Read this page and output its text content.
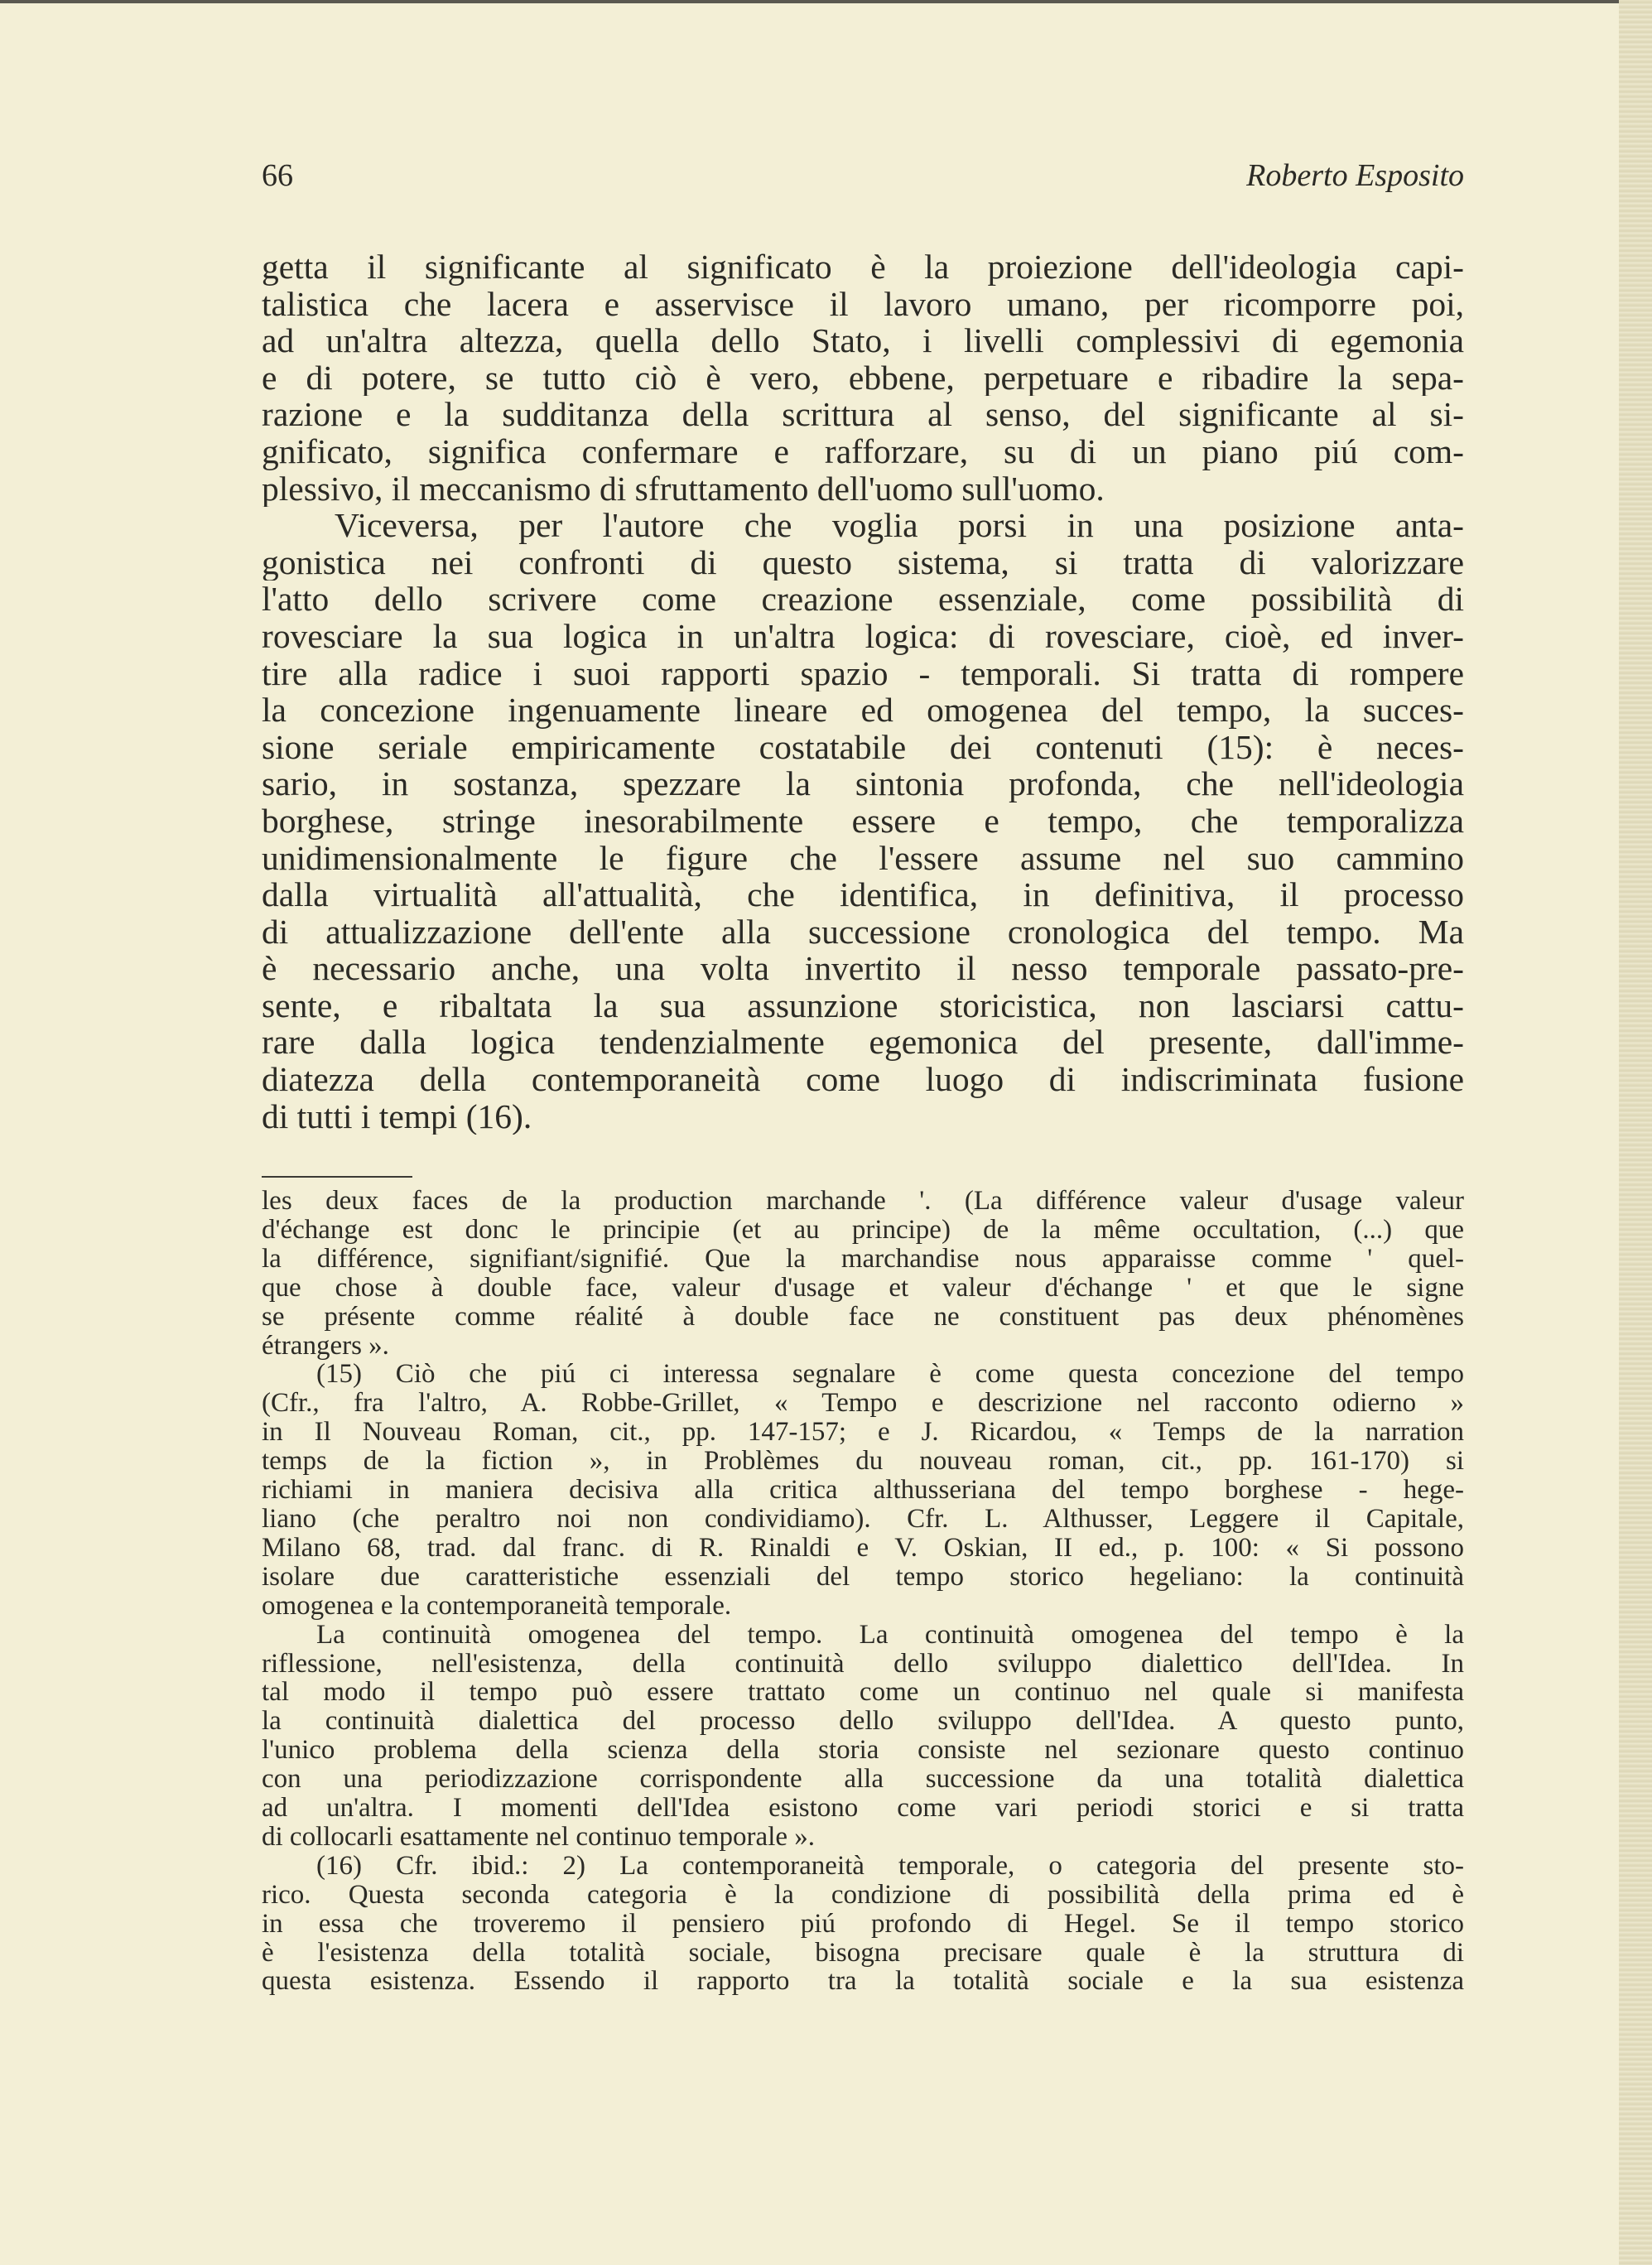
66	Roberto Esposito
getta il significante al significato è la proiezione dell'ideologia capi-
talistica che lacera e asservisce il lavoro umano, per ricomporre poi,
ad un'altra altezza, quella dello Stato, i livelli complessivi di egemonia
e di potere, se tutto ciò è vero, ebbene, perpetuare e ribadire la sepa-
razione e la sudditanza della scrittura al senso, del significante al si-
gnificato, significa confermare e rafforzare, su di un piano piú com-
plessivo, il meccanismo di sfruttamento dell'uomo sull'uomo.
Viceversa, per l'autore che voglia porsi in una posizione anta-
gonistica nei confronti di questo sistema, si tratta di valorizzare
l'atto dello scrivere come creazione essenziale, come possibilità di
rovesciare la sua logica in un'altra logica: di rovesciare, cioè, ed inver-
tire alla radice i suoi rapporti spazio - temporali. Si tratta di rompere
la concezione ingenuamente lineare ed omogenea del tempo, la succes-
sione seriale empiricamente costatabile dei contenuti (15): è neces-
sario, in sostanza, spezzare la sintonia profonda, che nell'ideologia
borghese, stringe inesorabilmente essere e tempo, che temporalizza
unidimensionalmente le figure che l'essere assume nel suo cammino
dalla virtualità all'attualità, che identifica, in definitiva, il processo
di attualizzazione dell'ente alla successione cronologica del tempo. Ma
è necessario anche, una volta invertito il nesso temporale passato-pre-
sente, e ribaltata la sua assunzione storicistica, non lasciarsi cattu-
rare dalla logica tendenzialmente egemonica del presente, dall'imme-
diatezza della contemporaneità come luogo di indiscriminata fusione
di tutti i tempi (16).
les deux faces de la production marchande '. (La différence valeur d'usage valeur
d'échange est donc le principie (et au principe) de la même occultation, (...) que
la différence, signifiant/signifié. Que la marchandise nous apparaisse comme ' quel-
que chose à double face, valeur d'usage et valeur d'échange ' et que le signe
se présente comme réalité à double face ne constituent pas deux phénomènes
étrangers ».
(15) Ciò che piú ci interessa segnalare è come questa concezione del tempo
(Cfr., fra l'altro, A. Robbe-Grillet, « Tempo e descrizione nel racconto odierno »
in Il Nouveau Roman, cit., pp. 147-157; e J. Ricardou, « Temps de la narration
temps de la fiction », in Problèmes du nouveau roman, cit., pp. 161-170) si
richiami in maniera decisiva alla critica althusseriana del tempo borghese - hege-
liano (che peraltro noi non condividiamo). Cfr. L. Althusser, Leggere il Capitale,
Milano 68, trad. dal franc. di R. Rinaldi e V. Oskian, II ed., p. 100: « Si possono
isolare due caratteristiche essenziali del tempo storico hegeliano: la continuità
omogenea e la contemporaneità temporale.
La continuità omogenea del tempo. La continuità omogenea del tempo è la
riflessione, nell'esistenza, della continuità dello sviluppo dialettico dell'Idea. In
tal modo il tempo può essere trattato come un continuo nel quale si manifesta
la continuità dialettica del processo dello sviluppo dell'Idea. A questo punto,
l'unico problema della scienza della storia consiste nel sezionare questo continuo
con una periodizzazione corrispondente alla successione da una totalità dialettica
ad un'altra. I momenti dell'Idea esistono come vari periodi storici e si tratta
di collocarli esattamente nel continuo temporale ».
(16) Cfr. ibid.: 2) La contemporaneità temporale, o categoria del presente sto-
rico. Questa seconda categoria è la condizione di possibilità della prima ed è
in essa che troveremo il pensiero piú profondo di Hegel. Se il tempo storico
è l'esistenza della totalità sociale, bisogna precisare quale è la struttura di
questa esistenza. Essendo il rapporto tra la totalità sociale e la sua esistenza
